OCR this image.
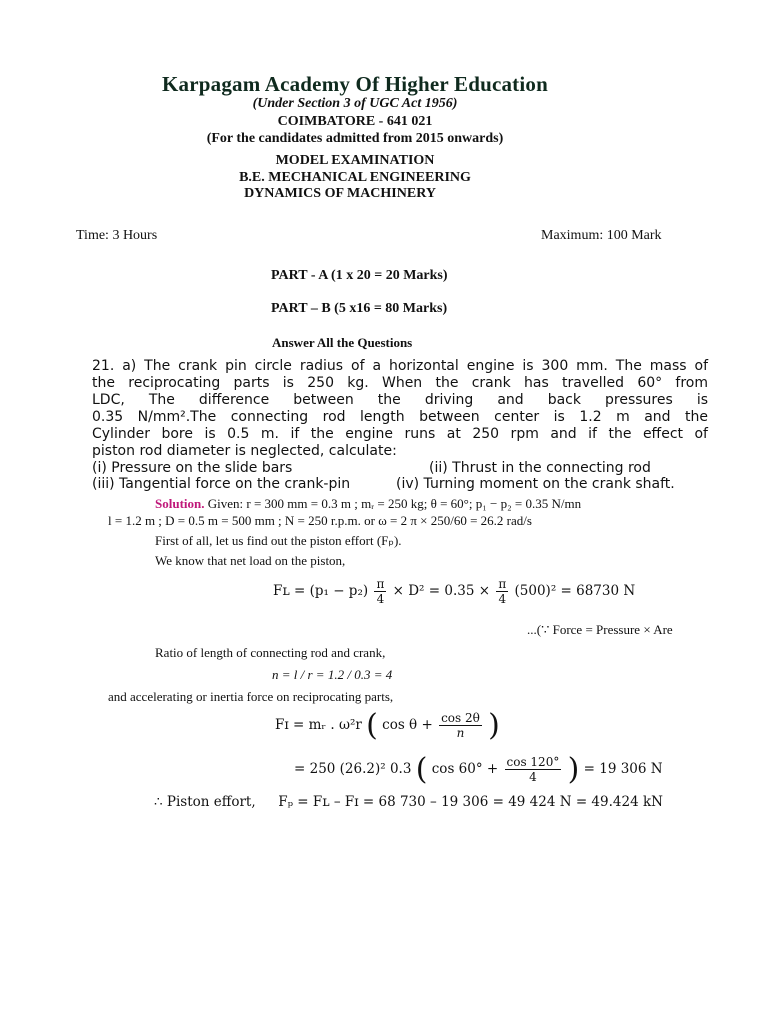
Karpagam Academy Of Higher Education
(Under Section 3 of UGC Act 1956)
COIMBATORE - 641 021
(For the candidates admitted from 2015 onwards)
MODEL EXAMINATION
B.E. MECHANICAL ENGINEERING
DYNAMICS OF MACHINERY
Time: 3 Hours	Maximum: 100 Mark
PART - A (1 x 20 = 20 Marks)
PART – B (5 x16 = 80 Marks)
Answer All the Questions
21. a) The crank pin circle radius of a horizontal engine is 300 mm. The mass of
the reciprocating parts is 250 kg. When the crank has travelled 60° from
LDC, The difference between the driving and back pressures is
0.35 N/mm².The connecting rod length between center is 1.2 m and the
Cylinder bore is 0.5 m. if the engine runs at 250 rpm and if the effect of
piston rod diameter is neglected, calculate:
(i) Pressure on the slide bars	(ii) Thrust in the connecting rod
(iii) Tangential force on the crank-pin	(iv) Turning moment on the crank shaft.
Solution. Given: r = 300 mm = 0.3 m ; mᵣ = 250 kg; θ = 60°; p₁ − p₂ = 0.35 N/mn
l = 1.2 m ; D = 0.5 m = 500 mm ; N = 250 r.p.m. or ω = 2 π × 250/60 = 26.2 rad/s
First of all, let us find out the piston effort (Fₚ).
We know that net load on the piston,
Fʟ = $(p_1 - p_2) \frac{\pi}{4} \times D^2 = 0.35 \times \frac{\pi}{4} (500)^2 = 68730$ N
...(∵ Force = Pressure × Are
Ratio of length of connecting rod and crank,
n = l / r = 1.2 / 0.3 = 4
and accelerating or inertia force on reciprocating parts,
Fɪ = mᵣ . ω²r ( $\cos \theta + \frac{\cos 2\theta}{n}$ )
= 250 (26.2)² 0.3 ( $\cos 60^\circ + \frac{\cos 120^\circ}{4}$ ) = 19 306 N
∴ Piston effort, Fₚ = Fʟ – Fɪ = 68 730 – 19 306 = 49 424 N = 49.424 kN
